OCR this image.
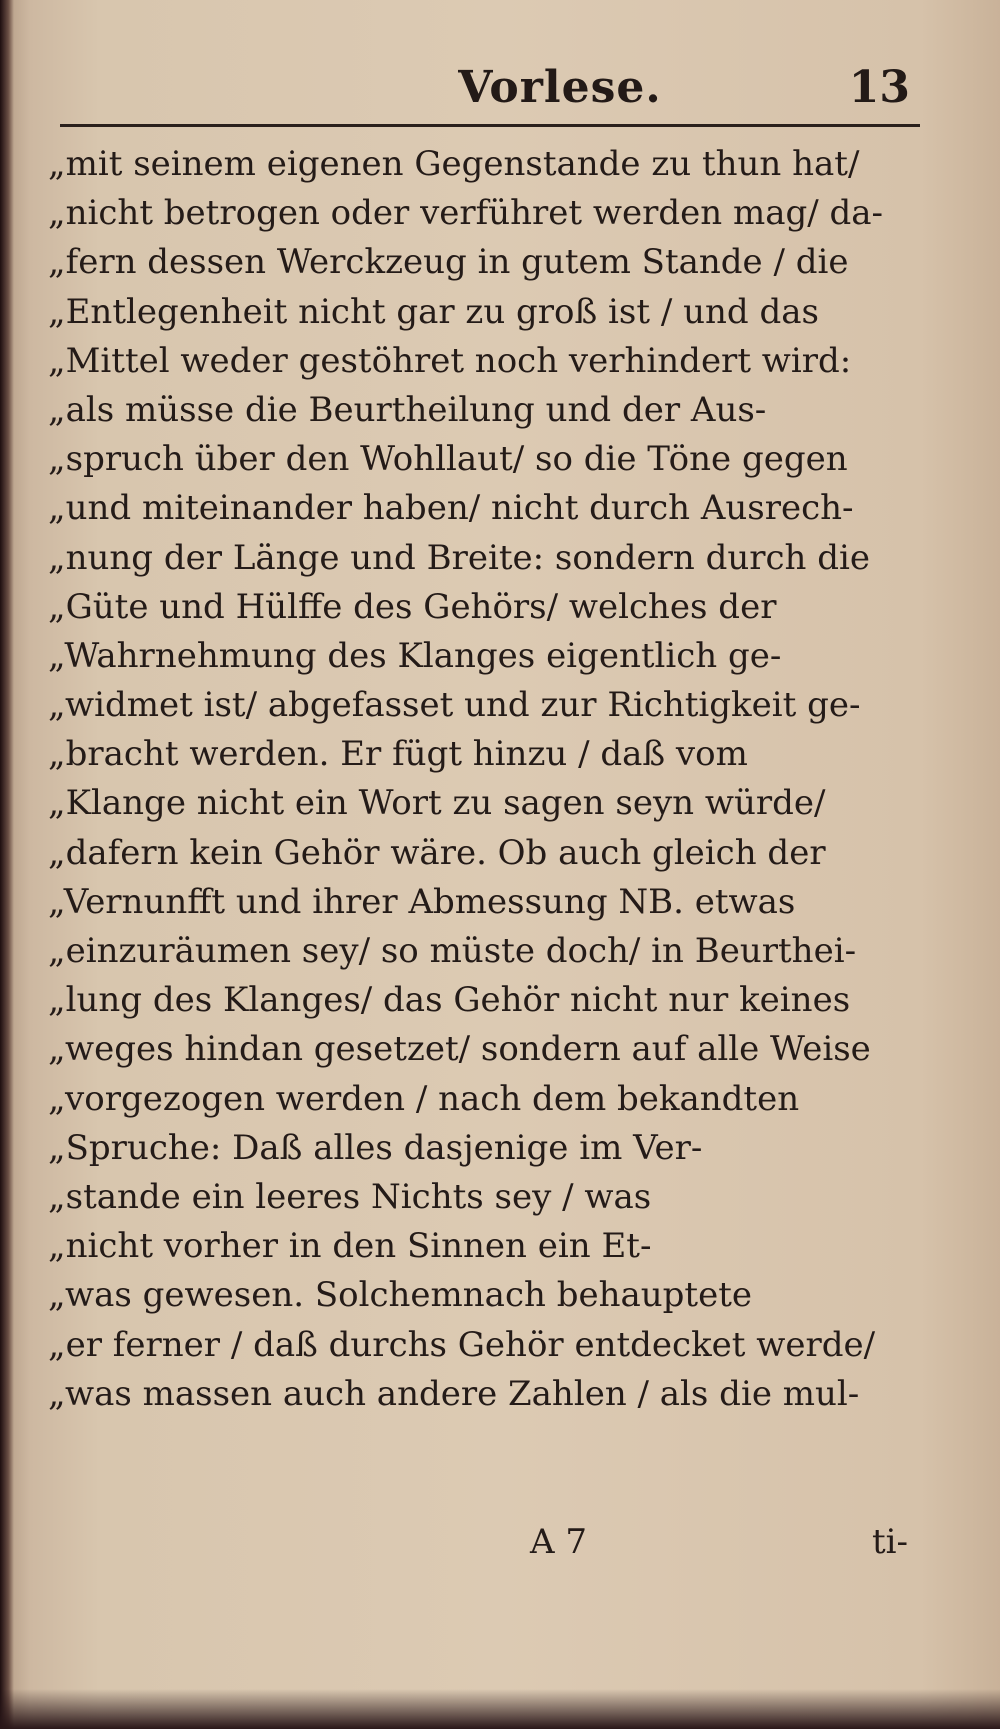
Vorlese.	13
„mit seinem eigenen Gegenstande zu thun hat/
„nicht betrogen oder verführet werden mag/ da-
„fern dessen Werckzeug in gutem Stande / die
„Entlegenheit nicht gar zu groß ist / und das
„Mittel weder gestöhret noch verhindert wird:
„als müsse die Beurtheilung und der Aus-
„spruch über den Wohllaut/ so die Töne gegen
„und miteinander haben/ nicht durch Ausrech-
„nung der Länge und Breite: sondern durch die
„Güte und Hülffe des Gehörs/ welches der
„Wahrnehmung des Klanges eigentlich ge-
„widmet ist/ abgefasset und zur Richtigkeit ge-
„bracht werden. Er fügt hinzu / daß vom
„Klange nicht ein Wort zu sagen seyn würde/
„dafern kein Gehör wäre. Ob auch gleich der
„Vernunfft und ihrer Abmessung NB. etwas
„einzuräumen sey/ so müste doch/ in Beurthei-
„lung des Klanges/ das Gehör nicht nur keines
„weges hindan gesetzet/ sondern auf alle Weise
„vorgezogen werden / nach dem bekandten
„Spruche: Daß alles dasjenige im Ver-
„stande ein leeres Nichts sey / was
„nicht vorher in den Sinnen ein Et-
„was gewesen. Solchemnach behauptete
„er ferner / daß durchs Gehör entdecket werde/
„was massen auch andere Zahlen / als die mul-
A 7	ti-
